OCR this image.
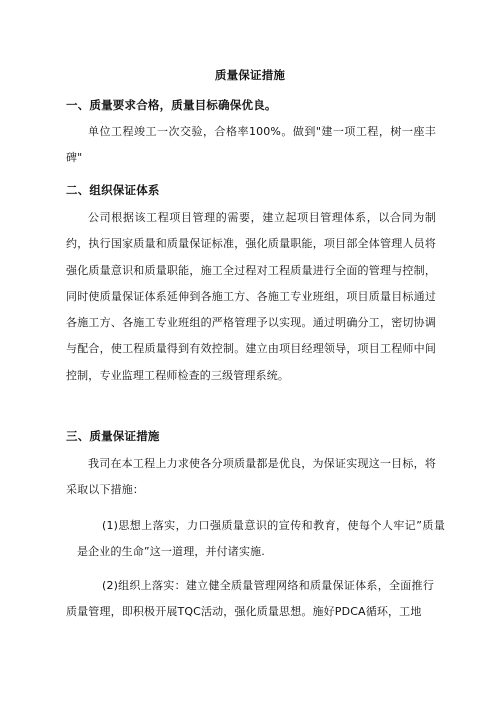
质量保证措施
一、质量要求合格，质量目标确保优良。
单位工程竣工一次交验，合格率100%。做到"建一项工程，树一座丰碑"
二、组织保证体系
公司根据该工程项目管理的需要，建立起项目管理体系，以合同为制约，执行国家质量和质量保证标准，强化质量职能，项目部全体管理人员将强化质量意识和质量职能，施工全过程对工程质量进行全面的管理与控制，同时使质量保证体系延伸到各施工方、各施工专业班组，项目质量目标通过各施工方、各施工专业班组的严格管理予以实现。通过明确分工，密切协调与配合，使工程质量得到有效控制。建立由项目经理领导，项目工程师中间控制，专业监理工程师检查的三级管理系统。
三、质量保证措施
我司在本工程上力求使各分项质量都是优良，为保证实现这一目标，将采取以下措施：
(1)思想上落实，力口强质量意识的宣传和教育，使每个人牢记”质量是企业的生命”这一道理，并付诸实施.
(2)组织上落实：建立健全质量管理网络和质量保证体系，全面推行质量管理，即积极开展TQC活动，强化质量思想。施好PDCA循环，工地
